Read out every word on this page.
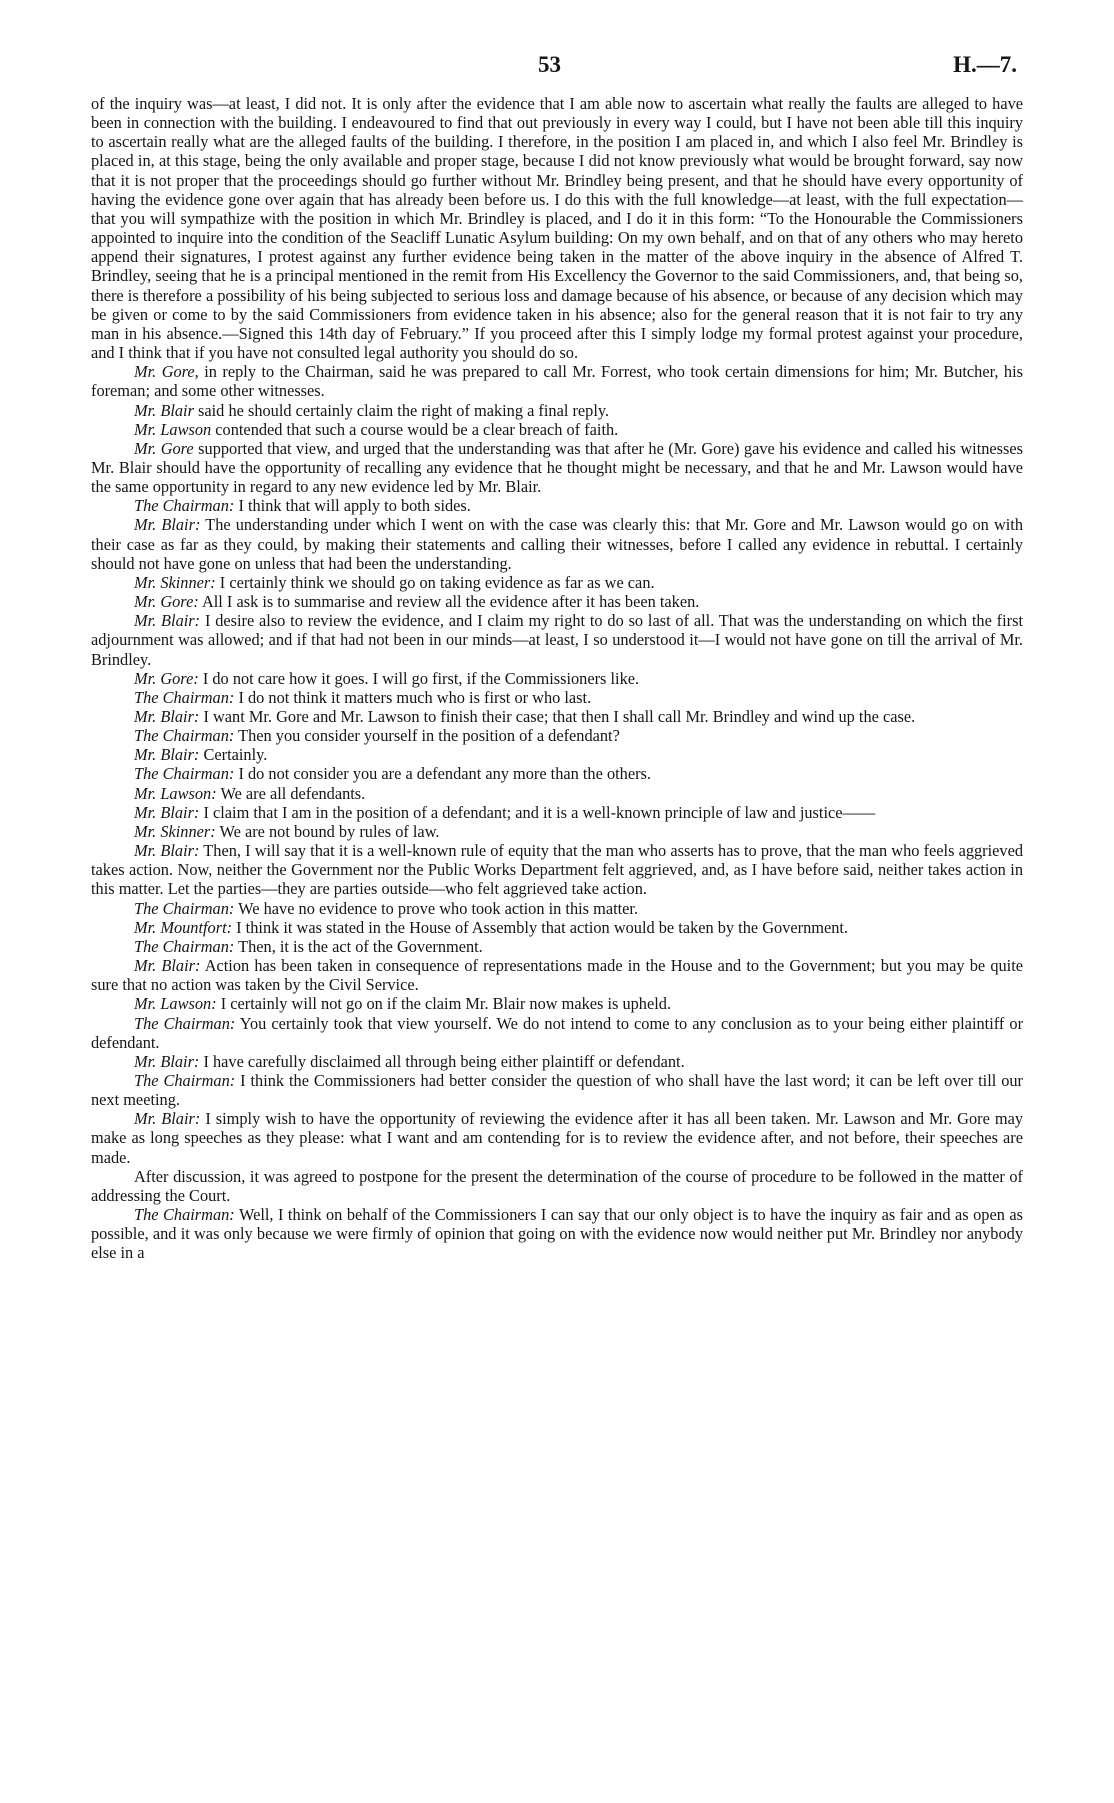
53	H.—7.

of the inquiry was—at least, I did not. It is only after the evidence that I am able now to ascertain what really the faults are alleged to have been in connection with the building. I endeavoured to find that out previously in every way I could, but I have not been able till this inquiry to ascertain really what are the alleged faults of the building. I therefore, in the position I am placed in, and which I also feel Mr. Brindley is placed in, at this stage, being the only available and proper stage, because I did not know previously what would be brought forward, say now that it is not proper that the proceedings should go further without Mr. Brindley being present, and that he should have every opportunity of having the evidence gone over again that has already been before us. I do this with the full knowledge—at least, with the full expectation—that you will sympathize with the position in which Mr. Brindley is placed, and I do it in this form: “To the Honourable the Commissioners appointed to inquire into the condition of the Seacliff Lunatic Asylum building: On my own behalf, and on that of any others who may hereto append their signatures, I protest against any further evidence being taken in the matter of the above inquiry in the absence of Alfred T. Brindley, seeing that he is a principal mentioned in the remit from His Excellency the Governor to the said Commissioners, and, that being so, there is therefore a possibility of his being subjected to serious loss and damage because of his absence, or because of any decision which may be given or come to by the said Commissioners from evidence taken in his absence; also for the general reason that it is not fair to try any man in his absence.—Signed this 14th day of February.” If you proceed after this I simply lodge my formal protest against your procedure, and I think that if you have not consulted legal authority you should do so.

Mr. Gore, in reply to the Chairman, said he was prepared to call Mr. Forrest, who took certain dimensions for him; Mr. Butcher, his foreman; and some other witnesses.

Mr. Blair said he should certainly claim the right of making a final reply.

Mr. Lawson contended that such a course would be a clear breach of faith.

Mr. Gore supported that view, and urged that the understanding was that after he (Mr. Gore) gave his evidence and called his witnesses Mr. Blair should have the opportunity of recalling any evidence that he thought might be necessary, and that he and Mr. Lawson would have the same opportunity in regard to any new evidence led by Mr. Blair.

The Chairman: I think that will apply to both sides.

Mr. Blair: The understanding under which I went on with the case was clearly this: that Mr. Gore and Mr. Lawson would go on with their case as far as they could, by making their statements and calling their witnesses, before I called any evidence in rebuttal. I certainly should not have gone on unless that had been the understanding.

Mr. Skinner: I certainly think we should go on taking evidence as far as we can.

Mr. Gore: All I ask is to summarise and review all the evidence after it has been taken.

Mr. Blair: I desire also to review the evidence, and I claim my right to do so last of all. That was the understanding on which the first adjournment was allowed; and if that had not been in our minds—at least, I so understood it—I would not have gone on till the arrival of Mr. Brindley.

Mr. Gore: I do not care how it goes. I will go first, if the Commissioners like.

The Chairman: I do not think it matters much who is first or who last.

Mr. Blair: I want Mr. Gore and Mr. Lawson to finish their case; that then I shall call Mr. Brindley and wind up the case.

The Chairman: Then you consider yourself in the position of a defendant?

Mr. Blair: Certainly.

The Chairman: I do not consider you are a defendant any more than the others.

Mr. Lawson: We are all defendants.

Mr. Blair: I claim that I am in the position of a defendant; and it is a well-known principle of law and justice——

Mr. Skinner: We are not bound by rules of law.

Mr. Blair: Then, I will say that it is a well-known rule of equity that the man who asserts has to prove, that the man who feels aggrieved takes action. Now, neither the Government nor the Public Works Department felt aggrieved, and, as I have before said, neither takes action in this matter. Let the parties—they are parties outside—who felt aggrieved take action.

The Chairman: We have no evidence to prove who took action in this matter.

Mr. Mountfort: I think it was stated in the House of Assembly that action would be taken by the Government.

The Chairman: Then, it is the act of the Government.

Mr. Blair: Action has been taken in consequence of representations made in the House and to the Government; but you may be quite sure that no action was taken by the Civil Service.

Mr. Lawson: I certainly will not go on if the claim Mr. Blair now makes is upheld.

The Chairman: You certainly took that view yourself. We do not intend to come to any conclusion as to your being either plaintiff or defendant.

Mr. Blair: I have carefully disclaimed all through being either plaintiff or defendant.

The Chairman: I think the Commissioners had better consider the question of who shall have the last word; it can be left over till our next meeting.

Mr. Blair: I simply wish to have the opportunity of reviewing the evidence after it has all been taken. Mr. Lawson and Mr. Gore may make as long speeches as they please: what I want and am contending for is to review the evidence after, and not before, their speeches are made.

After discussion, it was agreed to postpone for the present the determination of the course of procedure to be followed in the matter of addressing the Court.

The Chairman: Well, I think on behalf of the Commissioners I can say that our only object is to have the inquiry as fair and as open as possible, and it was only because we were firmly of opinion that going on with the evidence now would neither put Mr. Brindley nor anybody else in a
